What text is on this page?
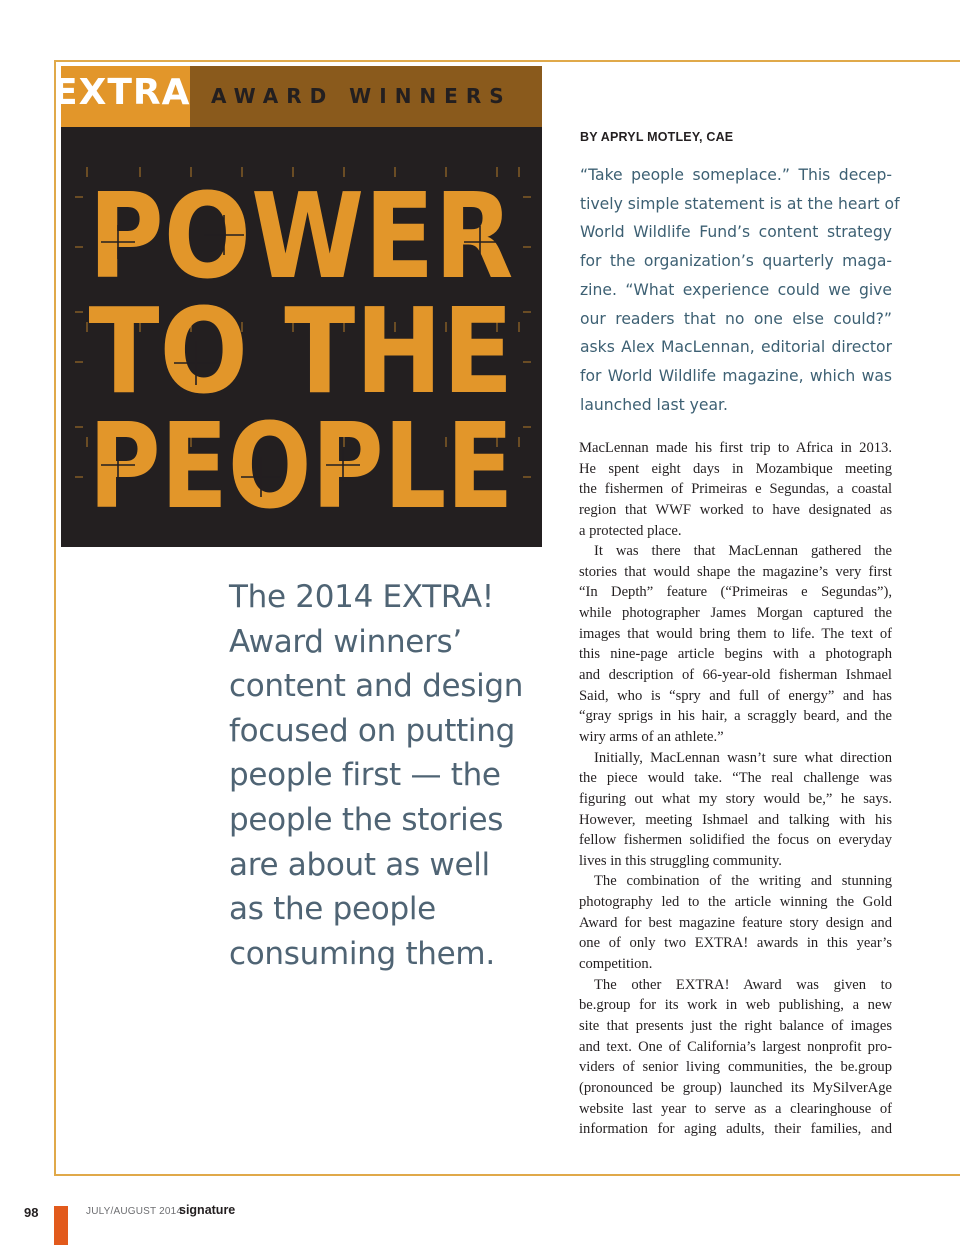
EXTRA AWARD WINNERS
POWER
TO THE
PEOPLE
The 2014 EXTRA!
Award winners’
content and design
focused on putting
people first — the
people the stories
are about as well
as the people
consuming them.
BY APRYL MOTLEY, CAE
“Take people someplace.” This decep-
tively simple statement is at the heart of
World Wildlife Fund’s content strategy
for the organization’s quarterly maga-
zine. “What experience could we give
our readers that no one else could?”
asks Alex MacLennan, editorial director
for World Wildlife magazine, which was
launched last year.
MacLennan made his first trip to Africa in 2013.
He spent eight days in Mozambique meeting
the fishermen of Primeiras e Segundas, a coastal
region that WWF worked to have designated as
a protected place.
It was there that MacLennan gathered the
stories that would shape the magazine’s very first
“In Depth” feature (“Primeiras e Segundas”),
while photographer James Morgan captured the
images that would bring them to life. The text of
this nine-page article begins with a photograph
and description of 66-year-old fisherman Ishmael
Said, who is “spry and full of energy” and has
“gray sprigs in his hair, a scraggly beard, and the
wiry arms of an athlete.”
Initially, MacLennan wasn’t sure what direction
the piece would take. “The real challenge was
figuring out what my story would be,” he says.
However, meeting Ishmael and talking with his
fellow fishermen solidified the focus on everyday
lives in this struggling community.
The combination of the writing and stunning
photography led to the article winning the Gold
Award for best magazine feature story design and
one of only two EXTRA! awards in this year’s
competition.
The other EXTRA! Award was given to
be.group for its work in web publishing, a new
site that presents just the right balance of images
and text. One of California’s largest nonprofit pro-
viders of senior living communities, the be.group
(pronounced be group) launched its MySilverAge
website last year to serve as a clearinghouse of
information for aging adults, their families, and
98	JULY/AUGUST 2014
signature
